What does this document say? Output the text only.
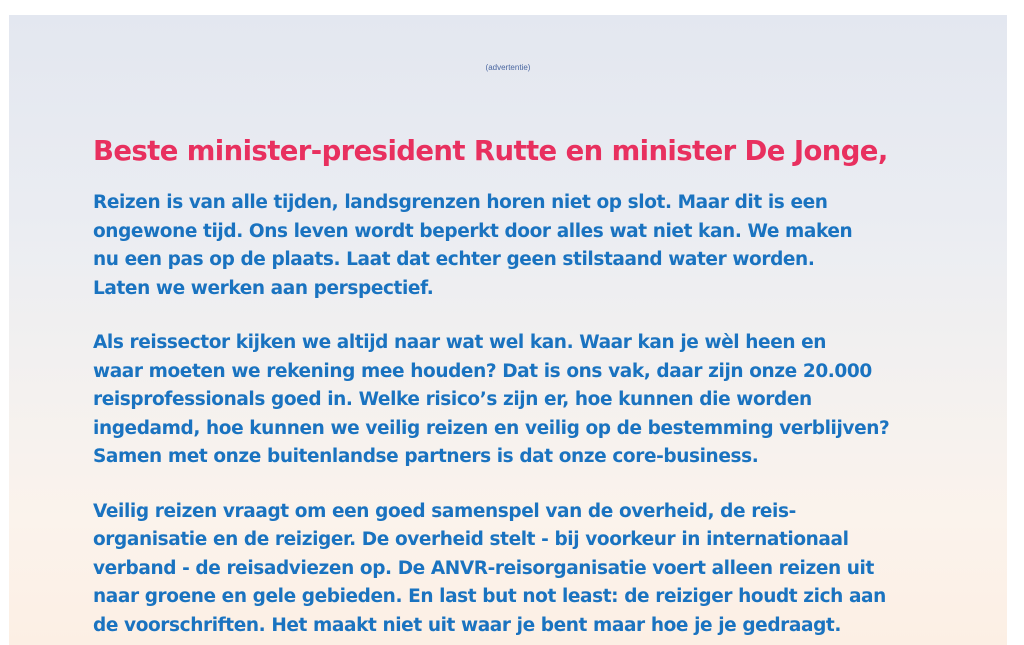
(advertentie)
Beste minister-president Rutte en minister De Jonge,
Reizen is van alle tijden, landsgrenzen horen niet op slot. Maar dit is een
ongewone tijd. Ons leven wordt beperkt door alles wat niet kan. We maken
nu een pas op de plaats. Laat dat echter geen stilstaand water worden.
Laten we werken aan perspectief.
Als reissector kijken we altijd naar wat wel kan. Waar kan je wèl heen en
waar moeten we rekening mee houden? Dat is ons vak, daar zijn onze 20.000
reisprofessionals goed in. Welke risico’s zijn er, hoe kunnen die worden
ingedamd, hoe kunnen we veilig reizen en veilig op de bestemming verblijven?
Samen met onze buitenlandse partners is dat onze core-business.
Veilig reizen vraagt om een goed samenspel van de overheid, de reis-
organisatie en de reiziger. De overheid stelt - bij voorkeur in internationaal
verband - de reisadviezen op. De ANVR-reisorganisatie voert alleen reizen uit
naar groene en gele gebieden. En last but not least: de reiziger houdt zich aan
de voorschriften. Het maakt niet uit waar je bent maar hoe je je gedraagt.
